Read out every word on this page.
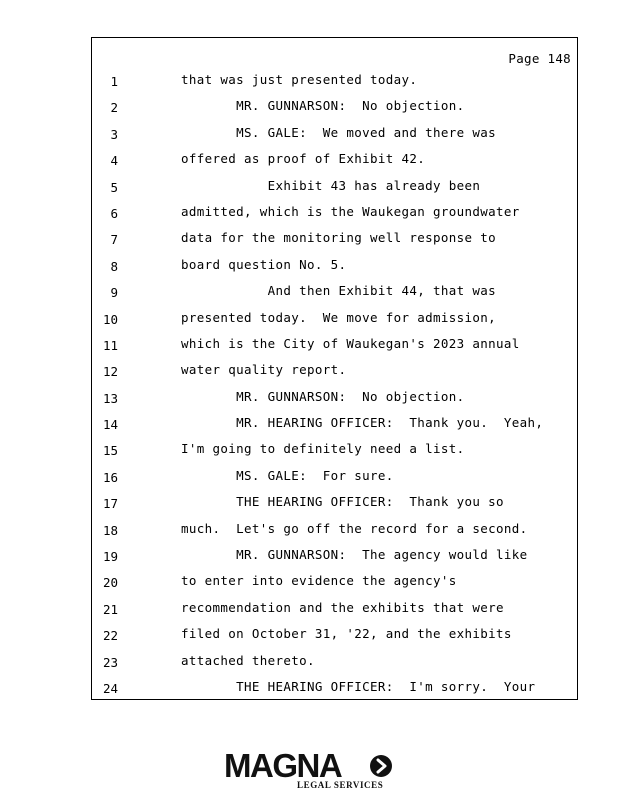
Page 148
1	that was just presented today.
2	MR. GUNNARSON:  No objection.
3	MS. GALE:  We moved and there was
4	offered as proof of Exhibit 42.
5	Exhibit 43 has already been
6	admitted, which is the Waukegan groundwater
7	data for the monitoring well response to
8	board question No. 5.
9	And then Exhibit 44, that was
10	presented today.  We move for admission,
11	which is the City of Waukegan's 2023 annual
12	water quality report.
13	MR. GUNNARSON:  No objection.
14	MR. HEARING OFFICER:  Thank you.  Yeah,
15	I'm going to definitely need a list.
16	MS. GALE:  For sure.
17	THE HEARING OFFICER:  Thank you so
18	much.  Let's go off the record for a second.
19	MR. GUNNARSON:  The agency would like
20	to enter into evidence the agency's
21	recommendation and the exhibits that were
22	filed on October 31, '22, and the exhibits
23	attached thereto.
24	THE HEARING OFFICER:  I'm sorry.  Your
MAGNA
LEGAL SERVICES
